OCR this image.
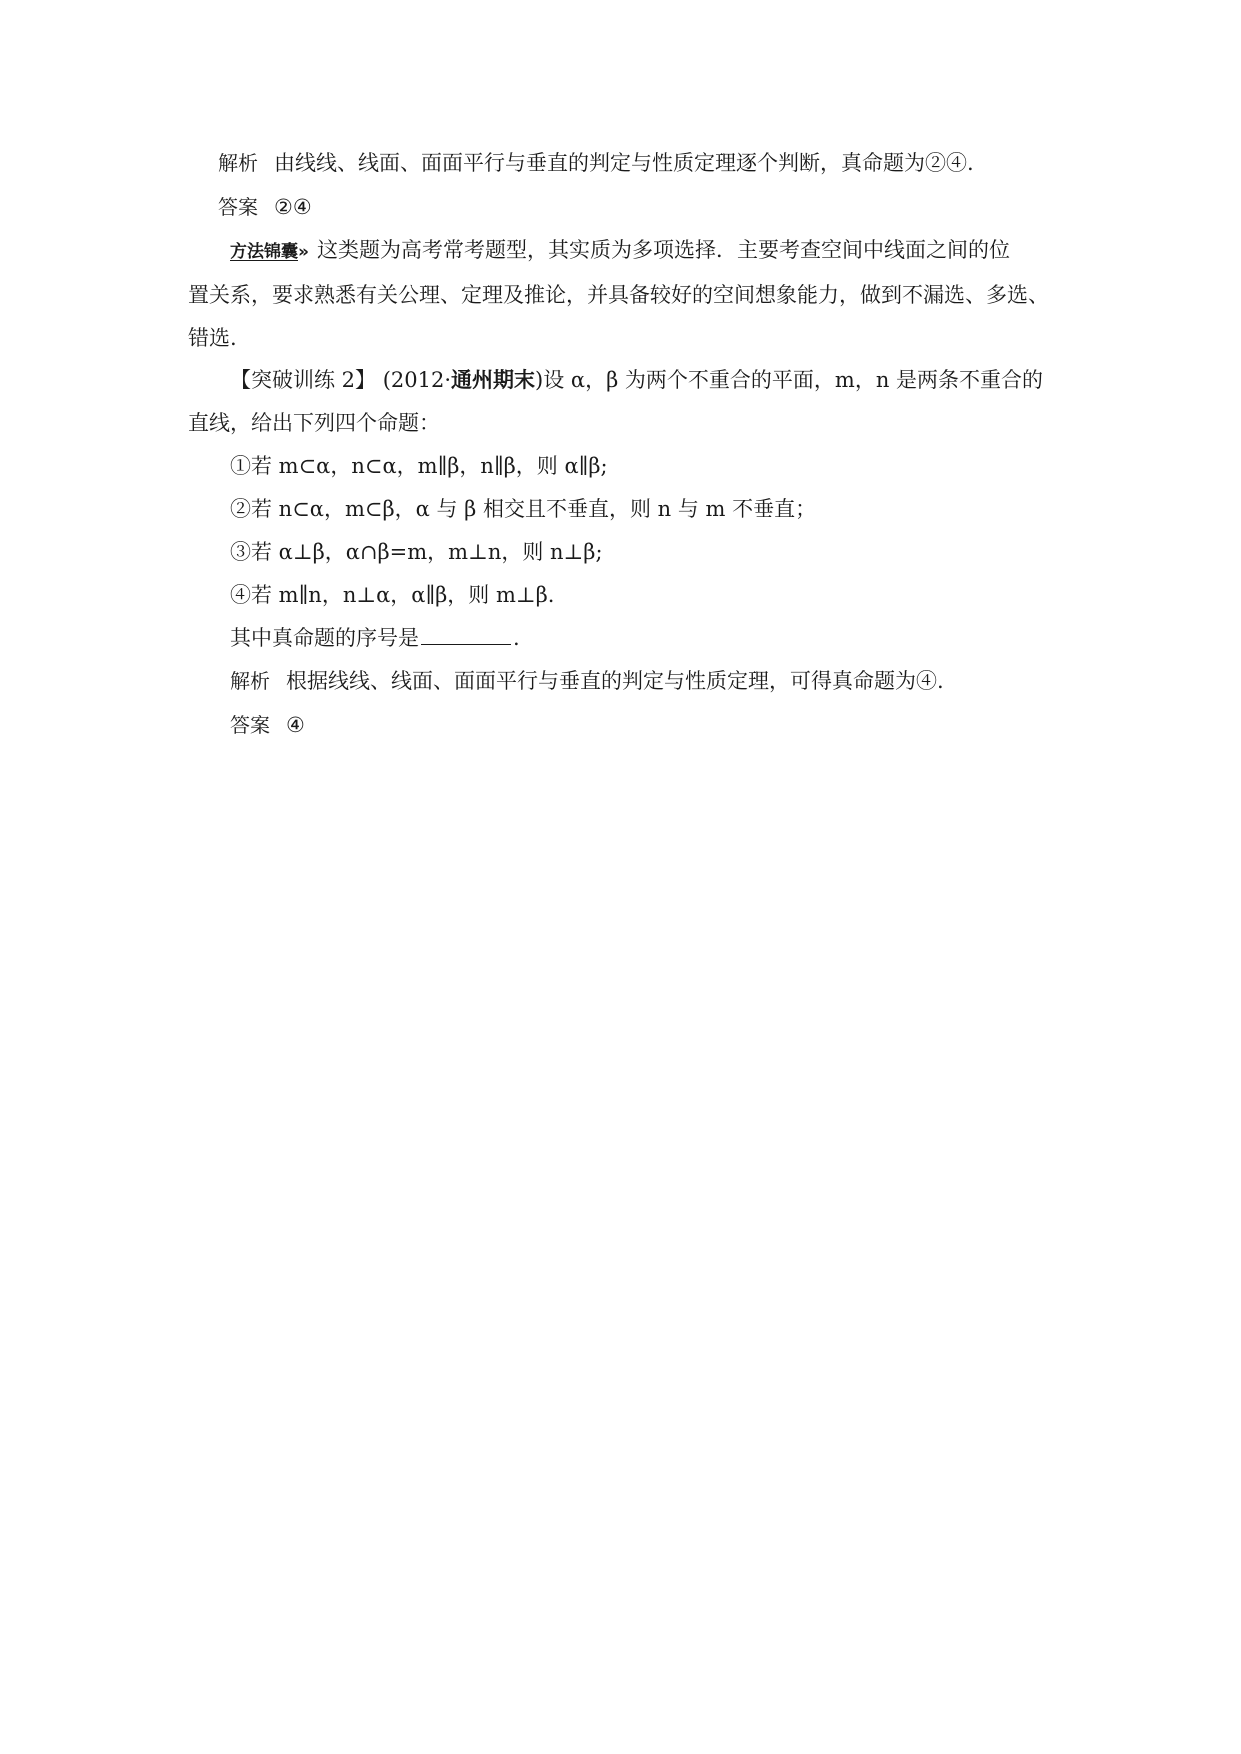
解析 由线线、线面、面面平行与垂直的判定与性质定理逐个判断，真命题为②④.
答案 ②④
方法锦囊» 这类题为高考常考题型，其实质为多项选择．主要考查空间中线面之间的位
置关系，要求熟悉有关公理、定理及推论，并具备较好的空间想象能力，做到不漏选、多选、
错选.
【突破训练 2】 (2012·通州期末)设 α，β 为两个不重合的平面，m，n 是两条不重合的
直线，给出下列四个命题：
①若 m⊂α，n⊂α，m∥β，n∥β，则 α∥β;
②若 n⊂α，m⊂β，α 与 β 相交且不垂直，则 n 与 m 不垂直；
③若 α⊥β，α∩β=m，m⊥n，则 n⊥β;
④若 m∥n，n⊥α，α∥β，则 m⊥β.
其中真命题的序号是	.
解析 根据线线、线面、面面平行与垂直的判定与性质定理，可得真命题为④.
答案 ④
